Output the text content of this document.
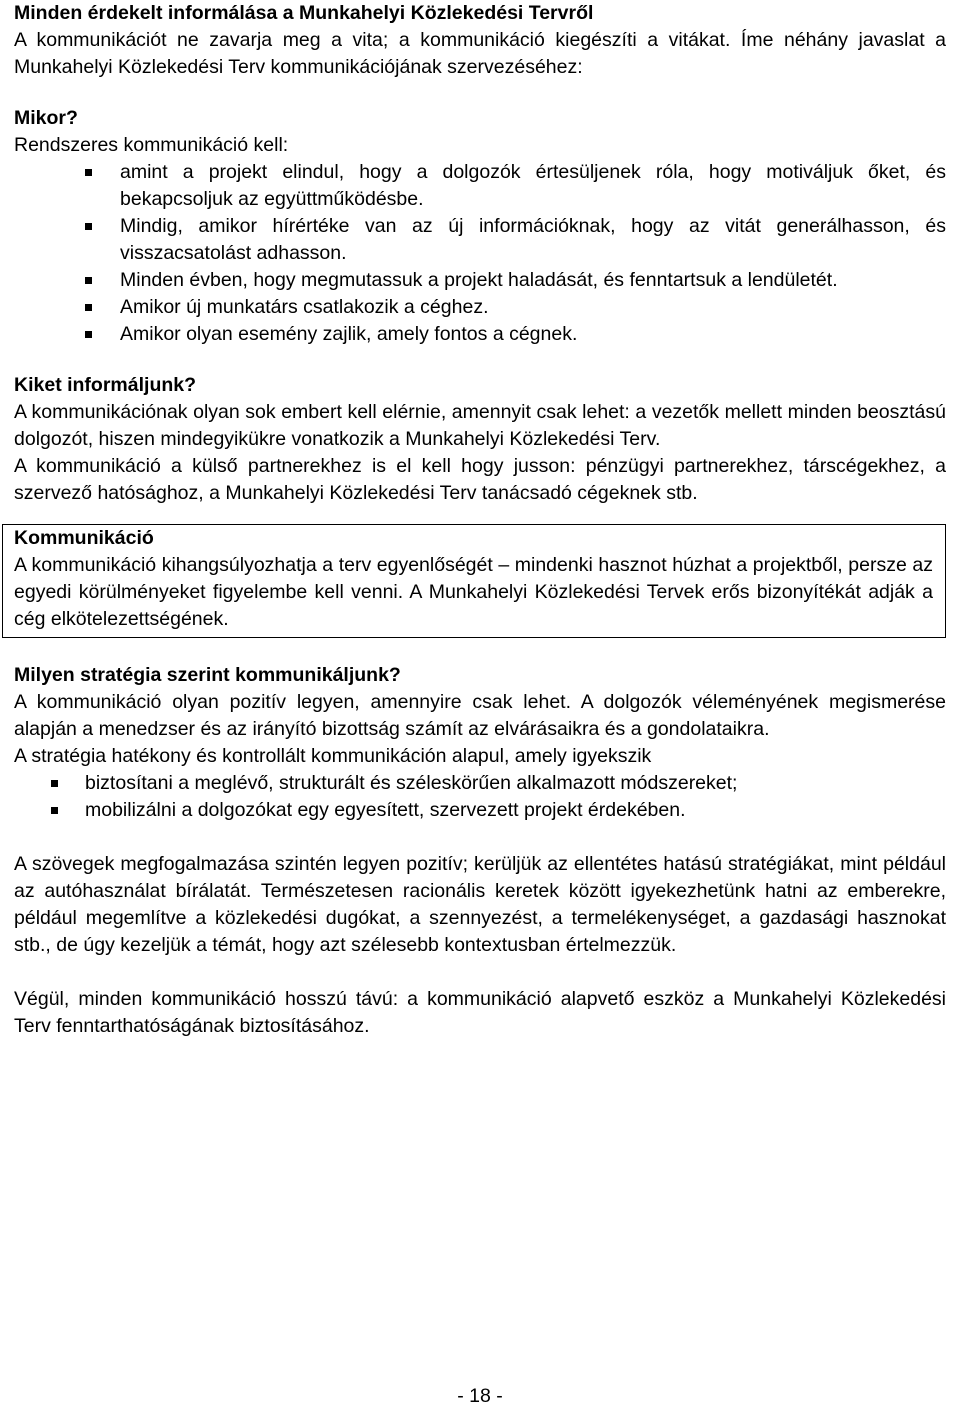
Minden érdekelt informálása a Munkahelyi Közlekedési Tervről

A kommunikációt ne zavarja meg a vita; a kommunikáció kiegészíti a vitákat. Íme néhány javaslat a Munkahelyi Közlekedési Terv kommunikációjának szervezéséhez:

Mikor?

Rendszeres kommunikáció kell:

amint a projekt elindul, hogy a dolgozók értesüljenek róla, hogy motiváljuk őket, és bekapcsoljuk az együttműködésbe.
Mindig, amikor hírértéke van az új információknak, hogy az vitát generálhasson, és visszacsatolást adhasson.
Minden évben, hogy megmutassuk a projekt haladását, és fenntartsuk a lendületét.
Amikor új munkatárs csatlakozik a céghez.
Amikor olyan esemény zajlik, amely fontos a cégnek.

Kiket informáljunk?

A kommunikációnak olyan sok embert kell elérnie, amennyit csak lehet: a vezetők mellett minden beosztású dolgozót, hiszen mindegyikükre vonatkozik a Munkahelyi Közlekedési Terv.

A kommunikáció a külső partnerekhez is el kell hogy jusson: pénzügyi partnerekhez, társcégekhez, a szervező hatósághoz, a Munkahelyi Közlekedési Terv tanácsadó cégeknek stb.

Kommunikáció

A kommunikáció kihangsúlyozhatja a terv egyenlőségét – mindenki hasznot húzhat a projektből, persze az egyedi körülményeket figyelembe kell venni. A Munkahelyi Közlekedési Tervek erős bizonyítékát adják a cég elkötelezettségének.

Milyen stratégia szerint kommunikáljunk?

A kommunikáció olyan pozitív legyen, amennyire csak lehet. A dolgozók véleményének megismerése alapján a menedzser és az irányító bizottság számít az elvárásaikra és a gondolataikra.

A stratégia hatékony és kontrollált kommunikáción alapul, amely igyekszik

biztosítani a meglévő, strukturált és széleskörűen alkalmazott módszereket;
mobilizálni a dolgozókat egy egyesített, szervezett projekt érdekében.

A szövegek megfogalmazása szintén legyen pozitív; kerüljük az ellentétes hatású stratégiákat, mint például az autóhasználat bírálatát. Természetesen racionális keretek között igyekezhetünk hatni az emberekre, például megemlítve a közlekedési dugókat, a szennyezést, a termelékenységet, a gazdasági hasznokat stb., de úgy kezeljük a témát, hogy azt szélesebb kontextusban értelmezzük.

Végül, minden kommunikáció hosszú távú: a kommunikáció alapvető eszköz a Munkahelyi Közlekedési Terv fenntarthatóságának biztosításához.

- 18 -
